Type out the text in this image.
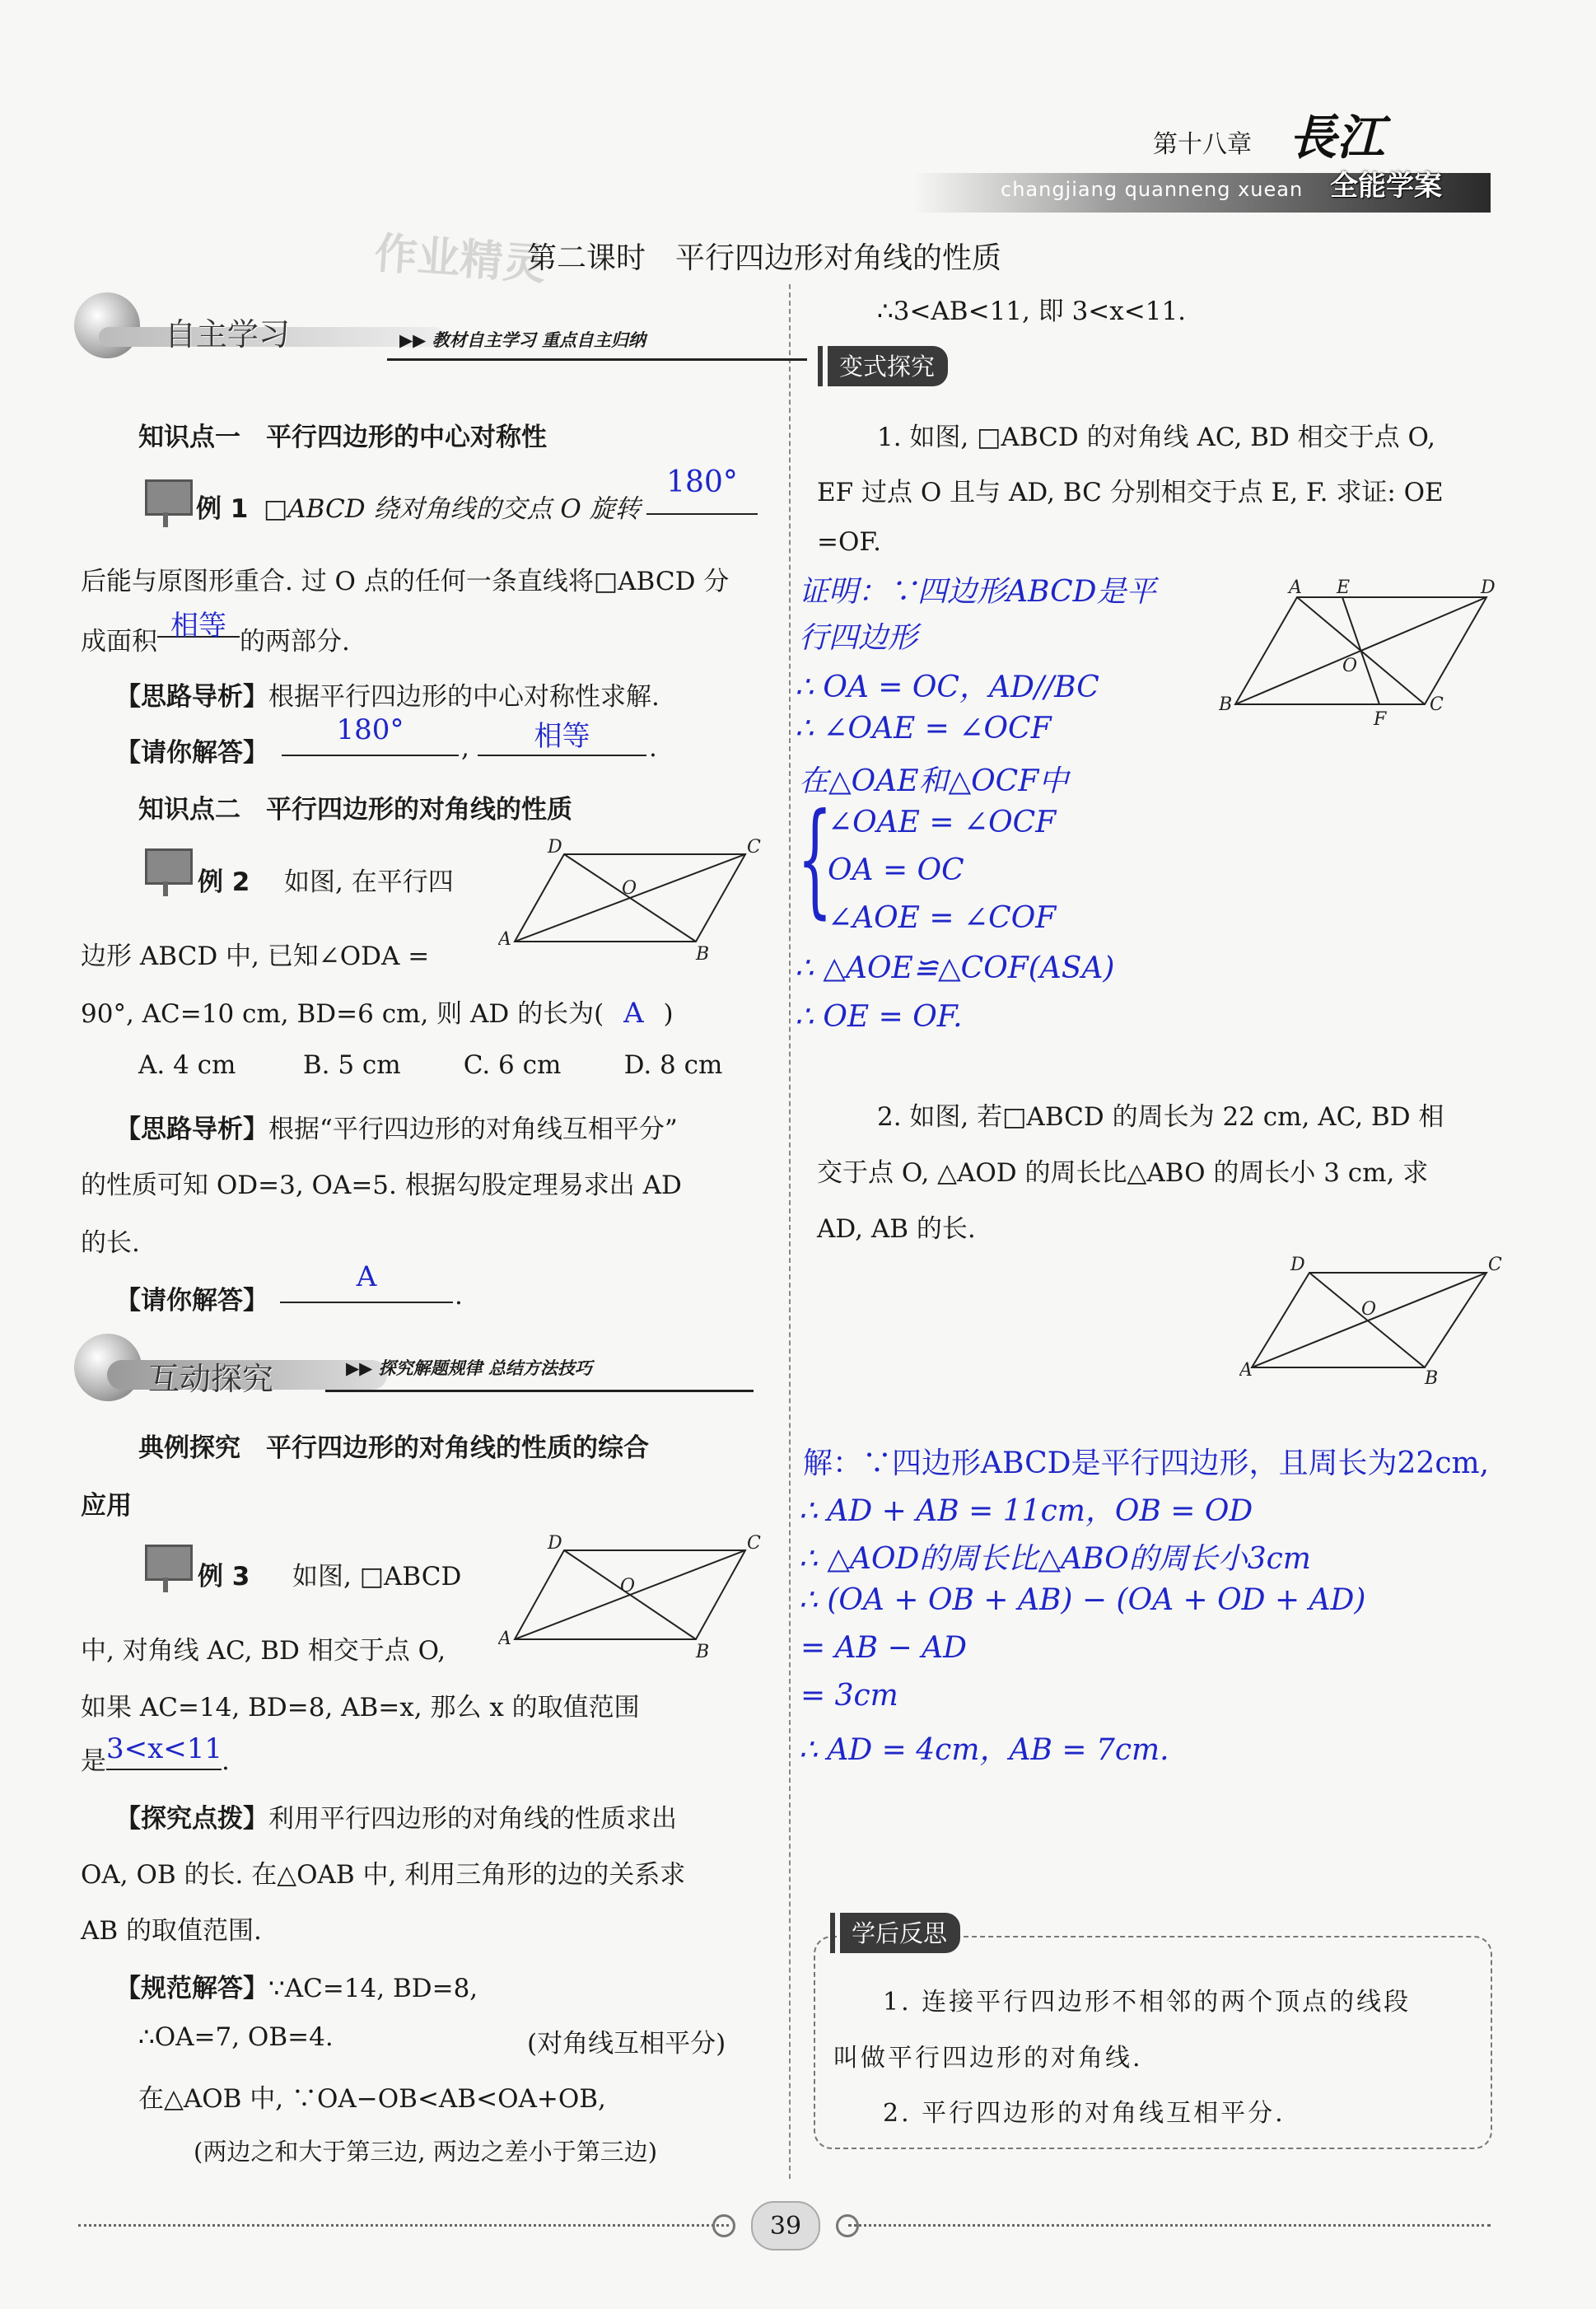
第十八章
changjiang quanneng xuean
長江
全能学案
作业精灵
第二课时　平行四边形对角线的性质
自主学习	▶▶ 教材自主学习 重点自主归纳
知识点一　平行四边形的中心对称性
例 1 □ABCD 绕对角线的交点 O 旋转
180°
后能与原图形重合. 过 O 点的任何一条直线将□ABCD 分
成面积 相等 的两部分.
【思路导析】根据平行四边形的中心对称性求解.
【请你解答】
180°
,	相等	.
知识点二　平行四边形的对角线的性质
例 2 如图, 在平行四
D	C
O
A
B
边形 ABCD 中, 已知∠ODA =
90°, AC=10 cm, BD=6 cm, 则 AD 的长为( A )
A. 4 cm	B. 5 cm C. 6 cm D. 8 cm
【思路导析】根据“平行四边形的对角线互相平分”
的性质可知 OD=3, OA=5. 根据勾股定理易求出 AD
的长.
【请你解答】
A
.
互动探究	▶▶ 探究解题规律 总结方法技巧
典例探究　平行四边形的对角线的性质的综合
应用
例 3 如图, □ABCD
D	C
O
A
B
中, 对角线 AC, BD 相交于点 O,
如果 AC=14, BD=8, AB=x, 那么 x 的取值范围
是3<x<11.
【探究点拨】利用平行四边形的对角线的性质求出
OA, OB 的长. 在△OAB 中, 利用三角形的边的关系求
AB 的取值范围.
【规范解答】∵AC=14, BD=8,
∴OA=7, OB=4.	(对角线互相平分)
在△AOB 中, ∵OA−OB<AB<OA+OB,
(两边之和大于第三边, 两边之差小于第三边)
∴3<AB<11, 即 3<x<11.
变式探究
1. 如图, □ABCD 的对角线 AC, BD 相交于点 O,
EF 过点 O 且与 AD, BC 分别相交于点 E, F. 求证: OE
=OF.
A E	D
O
B
F
C
证明：∵四边形ABCD是平
行四边形
∴ OA = OC，AD//BC
∴ ∠OAE = ∠OCF
在△OAE和△OCF中
{
∠OAE = ∠OCF
OA = OC
∠AOE = ∠COF
∴ △AOE≌△COF(ASA)
∴ OE = OF.
2. 如图, 若□ABCD 的周长为 22 cm, AC, BD 相
交于点 O, △AOD 的周长比△ABO 的周长小 3 cm, 求
AD, AB 的长.
D	C
O
A	B
解：∵四边形ABCD是平行四边形，且周长为22cm,
∴ AD + AB = 11cm，OB = OD
∴ △AOD的周长比△ABO的周长小3cm
∴ (OA + OB + AB) − (OA + OD + AD)
= AB − AD
= 3cm
∴ AD = 4cm，AB = 7cm.
学后反思
1. 连接平行四边形不相邻的两个顶点的线段
叫做平行四边形的对角线.
2. 平行四边形的对角线互相平分.
39
